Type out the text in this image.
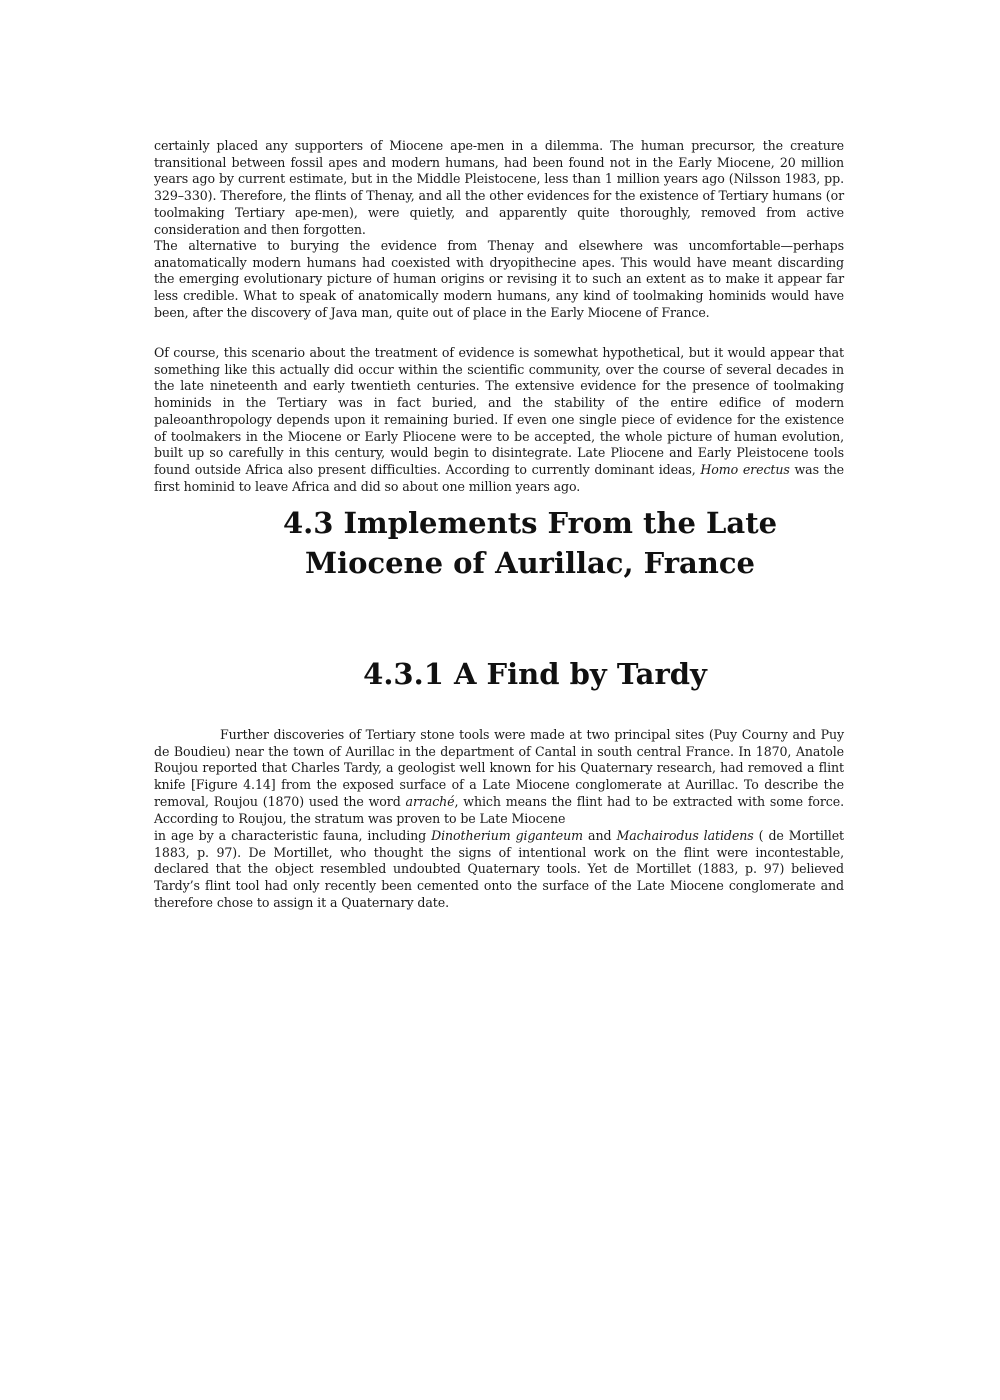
certainly placed any supporters of Miocene ape-men in a dilemma. The human precursor, the creature transitional between fossil apes and modern humans, had been found not in the Early Miocene, 20 million years ago by current estimate, but in the Middle Pleistocene, less than 1 million years ago (Nilsson 1983, pp. 329–330). Therefore, the flints of Thenay, and all the other evidences for the existence of Tertiary humans (or toolmaking Tertiary ape-men), were quietly, and apparently quite thoroughly, removed from active consideration and then forgotten.

The alternative to burying the evidence from Thenay and elsewhere was uncomfortable—perhaps anatomatically modern humans had coexisted with dryopithecine apes. This would have meant discarding the emerging evolutionary picture of human origins or revising it to such an extent as to make it appear far less credible. What to speak of anatomically modern humans, any kind of toolmaking hominids would have been, after the discovery of Java man, quite out of place in the Early Miocene of France.

Of course, this scenario about the treatment of evidence is somewhat hypothetical, but it would appear that something like this actually did occur within the scientific community, over the course of several decades in the late nineteenth and early twentieth centuries. The extensive evidence for the presence of toolmaking hominids in the Tertiary was in fact buried, and the stability of the entire edifice of modern paleoanthropology depends upon it remaining buried. If even one single piece of evidence for the existence of toolmakers in the Miocene or Early Pliocene were to be accepted, the whole picture of human evolution, built up so carefully in this century, would begin to disintegrate. Late Pliocene and Early Pleistocene tools found outside Africa also present difficulties. According to currently dominant ideas, Homo erectus was the first hominid to leave Africa and did so about one million years ago.

4.3 Implements From the Late Miocene of Aurillac, France
4.3.1 A Find by Tardy

Further discoveries of Tertiary stone tools were made at two principal sites (Puy Courny and Puy de Boudieu) near the town of Aurillac in the department of Cantal in south central France. In 1870, Anatole Roujou reported that Charles Tardy, a geologist well known for his Quaternary research, had removed a flint knife [Figure 4.14] from the exposed surface of a Late Miocene conglomerate at Aurillac. To describe the removal, Roujou (1870) used the word arraché, which means the flint had to be extracted with some force. According to Roujou, the stratum was proven to be Late Miocene

in age by a characteristic fauna, including Dinotherium giganteum and Machairodus latidens ( de Mortillet 1883, p. 97). De Mortillet, who thought the signs of intentional work on the flint were incontestable, declared that the object resembled undoubted Quaternary tools. Yet de Mortillet (1883, p. 97) believed Tardy’s flint tool had only recently been cemented onto the surface of the Late Miocene conglomerate and therefore chose to assign it a Quaternary date.
